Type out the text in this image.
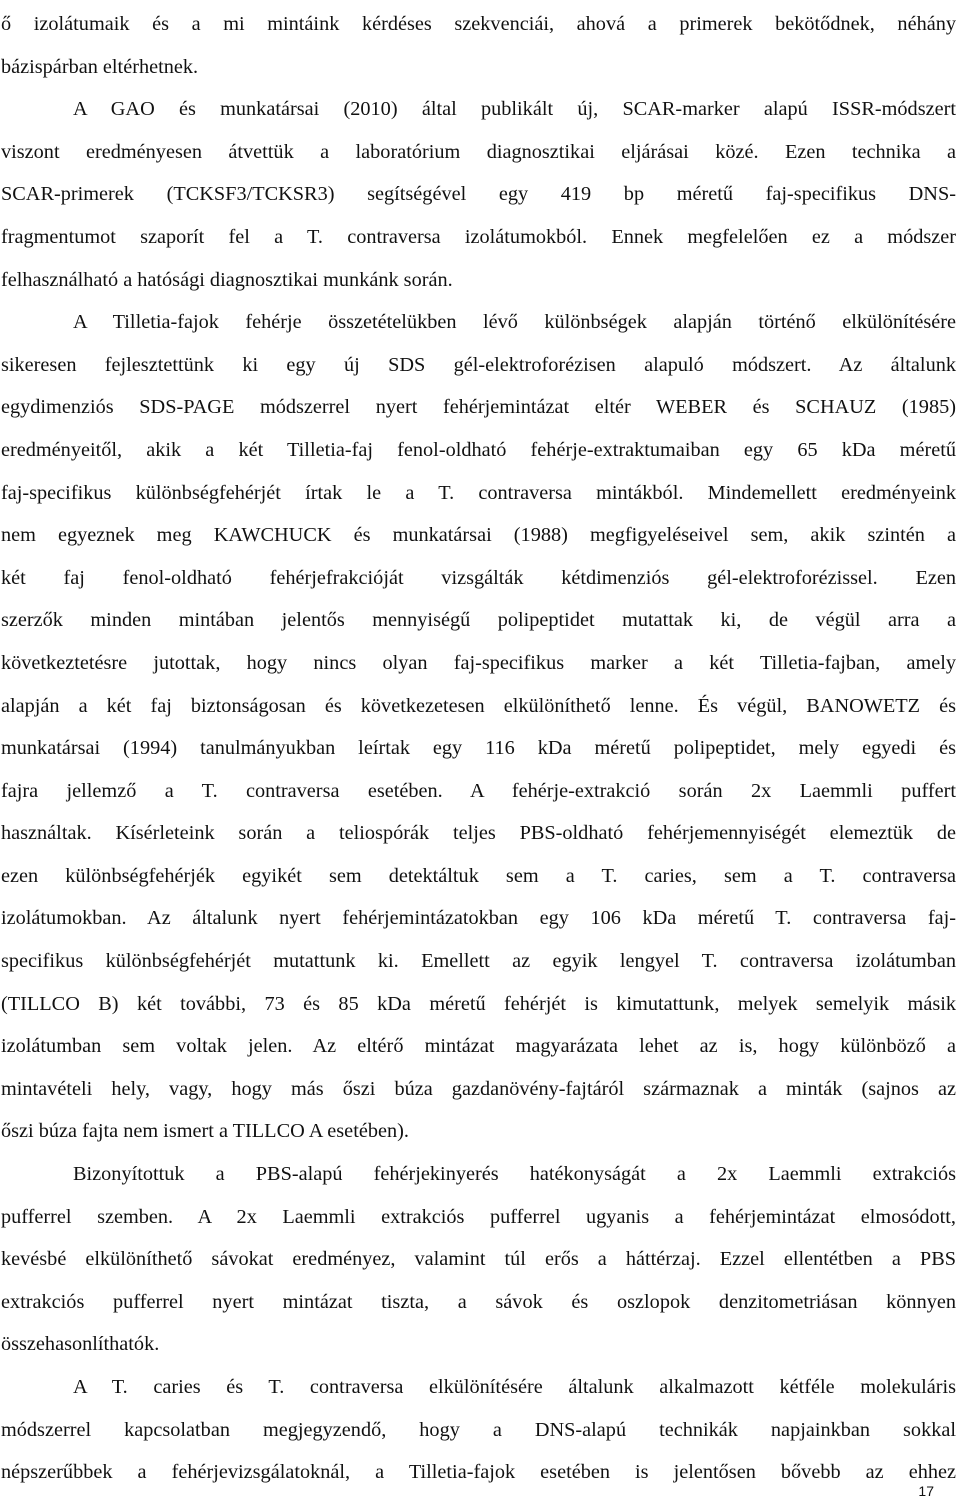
ő izolátumaik és a mi mintáink kérdéses szekvenciái, ahová a primerek bekötődnek, néhány
bázispárban eltérhetnek.
A GAO és munkatársai (2010) által publikált új, SCAR-marker alapú ISSR-módszert
viszont eredményesen átvettük a laboratórium diagnosztikai eljárásai közé. Ezen technika a
SCAR-primerek (TCKSF3/TCKSR3) segítségével egy 419 bp méretű faj-specifikus DNS-
fragmentumot szaporít fel a T. contraversa izolátumokból. Ennek megfelelően ez a módszer
felhasználható a hatósági diagnosztikai munkánk során.
A Tilletia-fajok fehérje összetételükben lévő különbségek alapján történő elkülönítésére
sikeresen fejlesztettünk ki egy új SDS gél-elektroforézisen alapuló módszert. Az általunk
egydimenziós SDS-PAGE módszerrel nyert fehérjemintázat eltér WEBER és SCHAUZ (1985)
eredményeitől, akik a két Tilletia-faj fenol-oldható fehérje-extraktumaiban egy 65 kDa méretű
faj-specifikus különbségfehérjét írtak le a T. contraversa mintákból. Mindemellett eredményeink
nem egyeznek meg KAWCHUCK és munkatársai (1988) megfigyeléseivel sem, akik szintén a
két faj fenol-oldható fehérjefrakcióját vizsgálták kétdimenziós gél-elektroforézissel. Ezen
szerzők minden mintában jelentős mennyiségű polipeptidet mutattak ki, de végül arra a
következtetésre jutottak, hogy nincs olyan faj-specifikus marker a két Tilletia-fajban, amely
alapján a két faj biztonságosan és következetesen elkülöníthető lenne. És végül, BANOWETZ és
munkatársai (1994) tanulmányukban leírtak egy 116 kDa méretű polipeptidet, mely egyedi és
fajra jellemző a T. contraversa esetében. A fehérje-extrakció során 2x Laemmli puffert
használtak. Kísérleteink során a teliospórák teljes PBS-oldható fehérjemennyiségét elemeztük de
ezen különbségfehérjék egyikét sem detektáltuk sem a T. caries, sem a T. contraversa
izolátumokban. Az általunk nyert fehérjemintázatokban egy 106 kDa méretű T. contraversa faj-
specifikus különbségfehérjét mutattunk ki. Emellett az egyik lengyel T. contraversa izolátumban
(TILLCO B) két további, 73 és 85 kDa méretű fehérjét is kimutattunk, melyek semelyik másik
izolátumban sem voltak jelen. Az eltérő mintázat magyarázata lehet az is, hogy különböző a
mintavételi hely, vagy, hogy más őszi búza gazdanövény-fajtáról származnak a minták (sajnos az
őszi búza fajta nem ismert a TILLCO A esetében).
Bizonyítottuk a PBS-alapú fehérjekinyerés hatékonyságát a 2x Laemmli extrakciós
pufferrel szemben. A 2x Laemmli extrakciós pufferrel ugyanis a fehérjemintázat elmosódott,
kevésbé elkülöníthető sávokat eredményez, valamint túl erős a háttérzaj. Ezzel ellentétben a PBS
extrakciós pufferrel nyert mintázat tiszta, a sávok és oszlopok denzitometriásan könnyen
összehasonlíthatók.
A T. caries és T. contraversa elkülönítésére általunk alkalmazott kétféle molekuláris
módszerrel kapcsolatban megjegyzendő, hogy a DNS-alapú technikák napjainkban sokkal
népszerűbbek a fehérjevizsgálatoknál, a Tilletia-fajok esetében is jelentősen bővebb az ehhez
17
